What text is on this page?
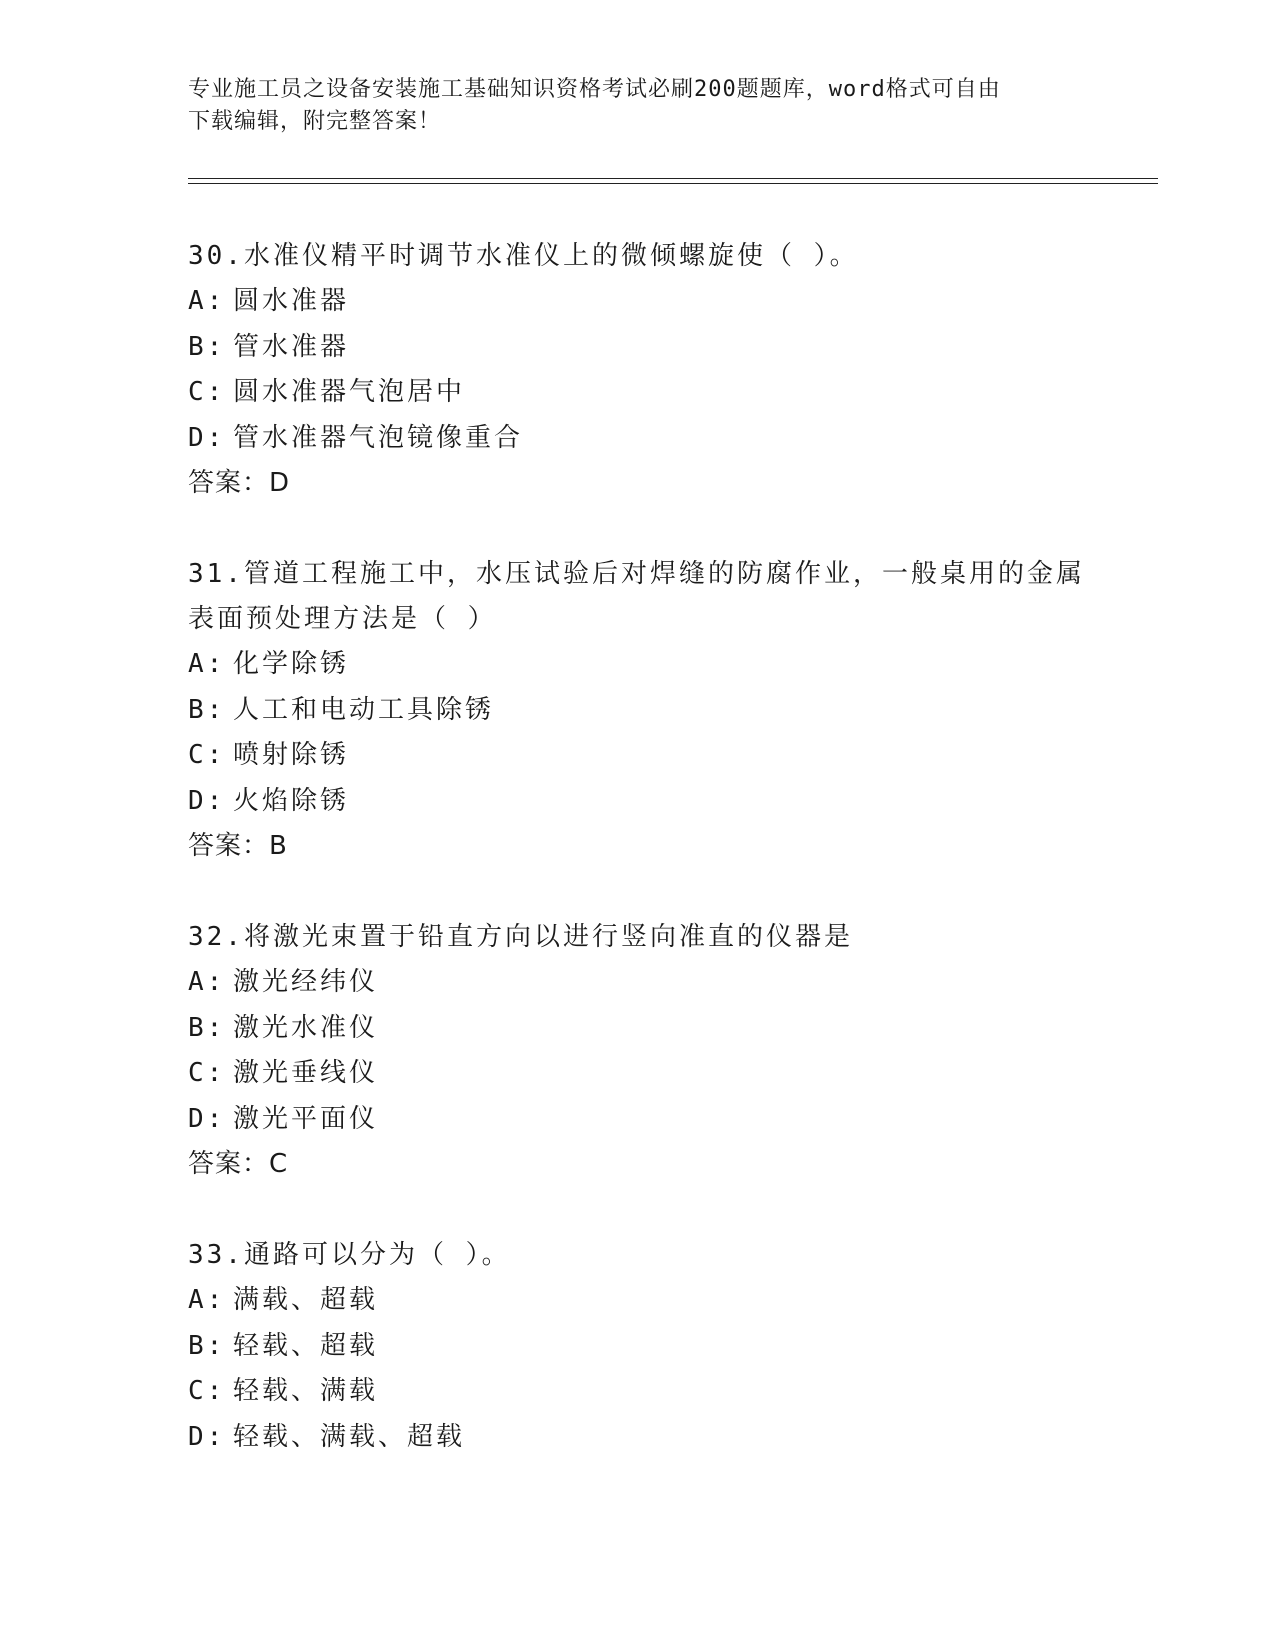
专业施工员之设备安装施工基础知识资格考试必刷200题题库，word格式可自由
下载编辑，附完整答案！

30.水准仪精平时调节水准仪上的微倾螺旋使（ ）。

A: 圆水准器

B: 管水准器

C: 圆水准器气泡居中

D: 管水准器气泡镜像重合

答案：D

31.管道工程施工中，水压试验后对焊缝的防腐作业，一般桌用的金属表面预处理方法是（ ）

A: 化学除锈

B: 人工和电动工具除锈

C: 喷射除锈

D: 火焰除锈

答案：B

32.将激光束置于铅直方向以进行竖向准直的仪器是

A: 激光经纬仪

B: 激光水准仪

C: 激光垂线仪

D: 激光平面仪

答案：C

33.通路可以分为（ ）。

A: 满载、超载

B: 轻载、超载

C: 轻载、满载

D: 轻载、满载、超载
